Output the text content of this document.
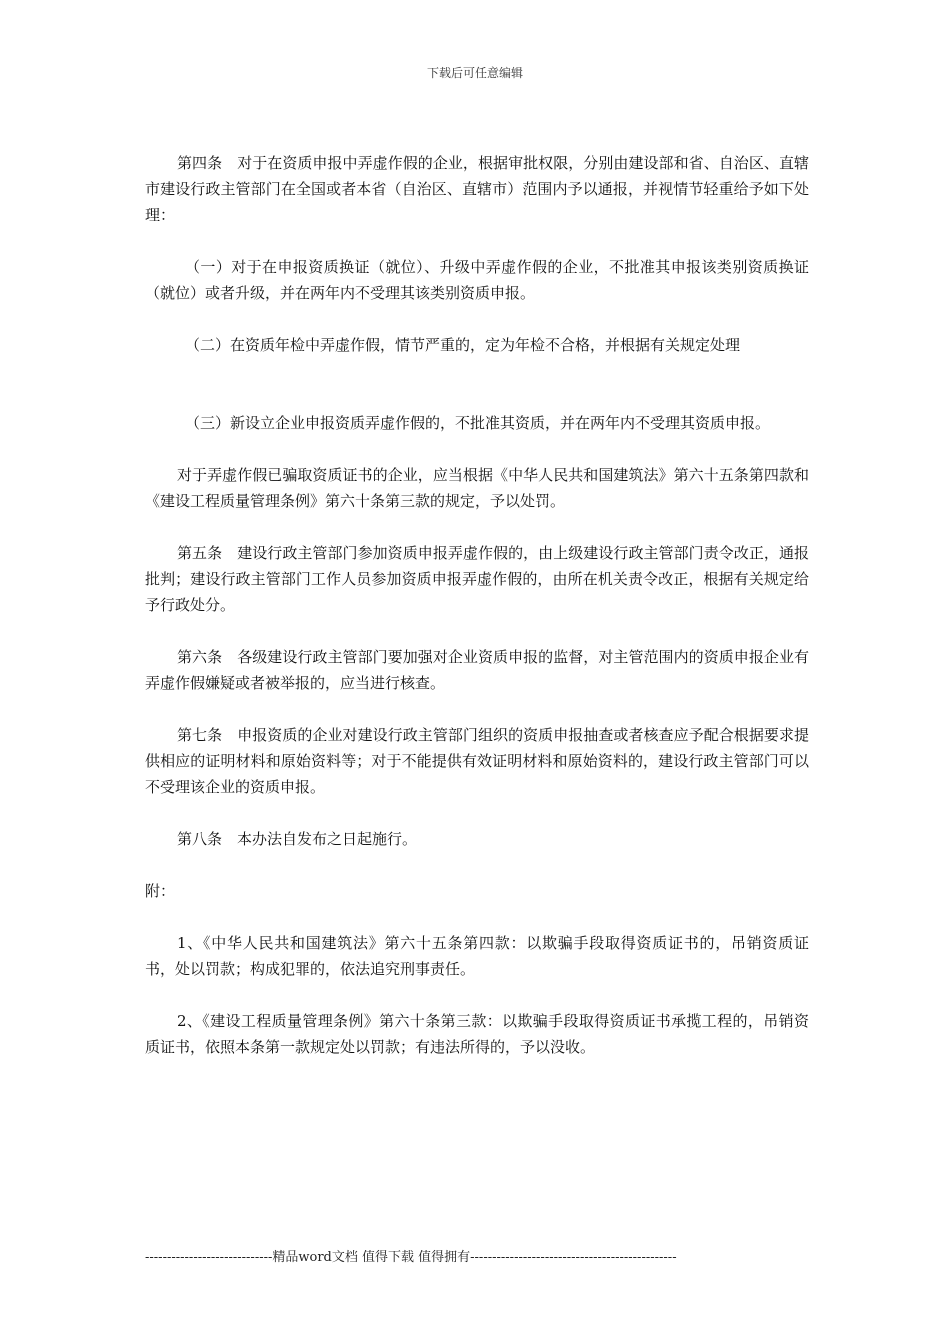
下载后可任意编辑

第四条　对于在资质申报中弄虚作假的企业，根据审批权限，分别由建设部和省、自治区、直辖市建设行政主管部门在全国或者本省（自治区、直辖市）范围内予以通报，并视情节轻重给予如下处理：

（一）对于在申报资质换证（就位）、升级中弄虚作假的企业，不批准其申报该类别资质换证（就位）或者升级，并在两年内不受理其该类别资质申报。

（二）在资质年检中弄虚作假，情节严重的，定为年检不合格，并根据有关规定处理

（三）新设立企业申报资质弄虚作假的，不批准其资质，并在两年内不受理其资质申报。

对于弄虚作假已骗取资质证书的企业，应当根据《中华人民共和国建筑法》第六十五条第四款和《建设工程质量管理条例》第六十条第三款的规定，予以处罚。

第五条　建设行政主管部门参加资质申报弄虚作假的，由上级建设行政主管部门责令改正，通报批判；建设行政主管部门工作人员参加资质申报弄虚作假的，由所在机关责令改正，根据有关规定给予行政处分。

第六条　各级建设行政主管部门要加强对企业资质申报的监督，对主管范围内的资质申报企业有弄虚作假嫌疑或者被举报的，应当进行核查。

第七条　申报资质的企业对建设行政主管部门组织的资质申报抽查或者核查应予配合根据要求提供相应的证明材料和原始资料等；对于不能提供有效证明材料和原始资料的，建设行政主管部门可以不受理该企业的资质申报。

第八条　本办法自发布之日起施行。

附：

1、《中华人民共和国建筑法》第六十五条第四款：以欺骗手段取得资质证书的，吊销资质证书，处以罚款；构成犯罪的，依法追究刑事责任。

2、《建设工程质量管理条例》第六十条第三款：以欺骗手段取得资质证书承揽工程的，吊销资质证书，依照本条第一款规定处以罚款；有违法所得的，予以没收。

-----------------------------精品word文档 值得下载 值得拥有-----------------------------------------------
